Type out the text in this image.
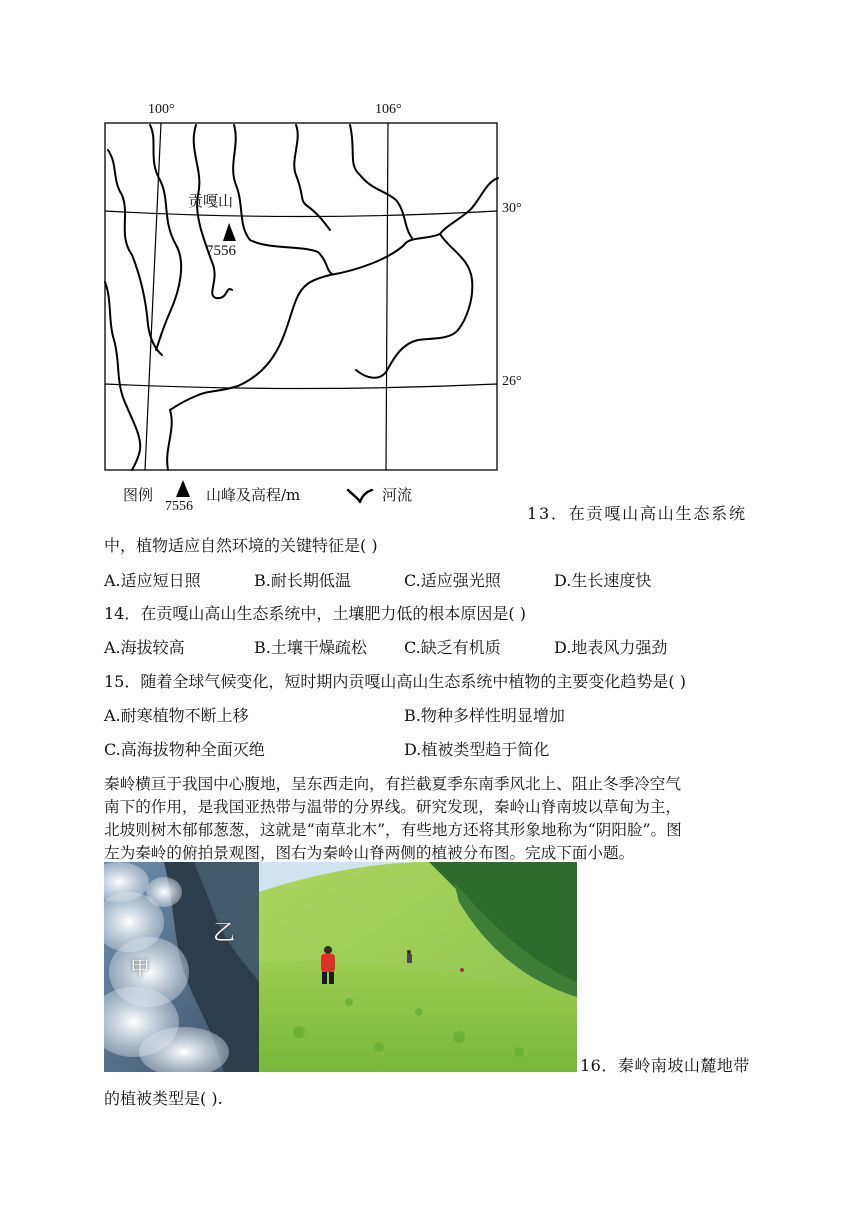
100°	106°
30°
26°
贡嘎山
7556
图例
7556
山峰及高程/m	河流
13．在贡嘎山高山生态系统
中，植物适应自然环境的关键特征是( )
A.适应短日照	B.耐长期低温	C.适应强光照	D.生长速度快
14．在贡嘎山高山生态系统中，土壤肥力低的根本原因是( )
A.海拔较高	B.土壤干燥疏松 C.缺乏有机质	D.地表风力强劲
15．随着全球气候变化，短时期内贡嘎山高山生态系统中植物的主要变化趋势是( )
A.耐寒植物不断上移	B.物种多样性明显增加
C.高海拔物种全面灭绝	D.植被类型趋于简化
秦岭横亘于我国中心腹地，呈东西走向，有拦截夏季东南季风北上、阻止冬季冷空气
南下的作用，是我国亚热带与温带的分界线。研究发现，秦岭山脊南坡以草甸为主，
北坡则树木郁郁葱葱，这就是“南草北木”，有些地方还将其形象地称为“阴阳脸”。图
左为秦岭的俯拍景观图，图右为秦岭山脊两侧的植被分布图。完成下面小题。
甲
乙
16．秦岭南坡山麓地带
的植被类型是( ).
